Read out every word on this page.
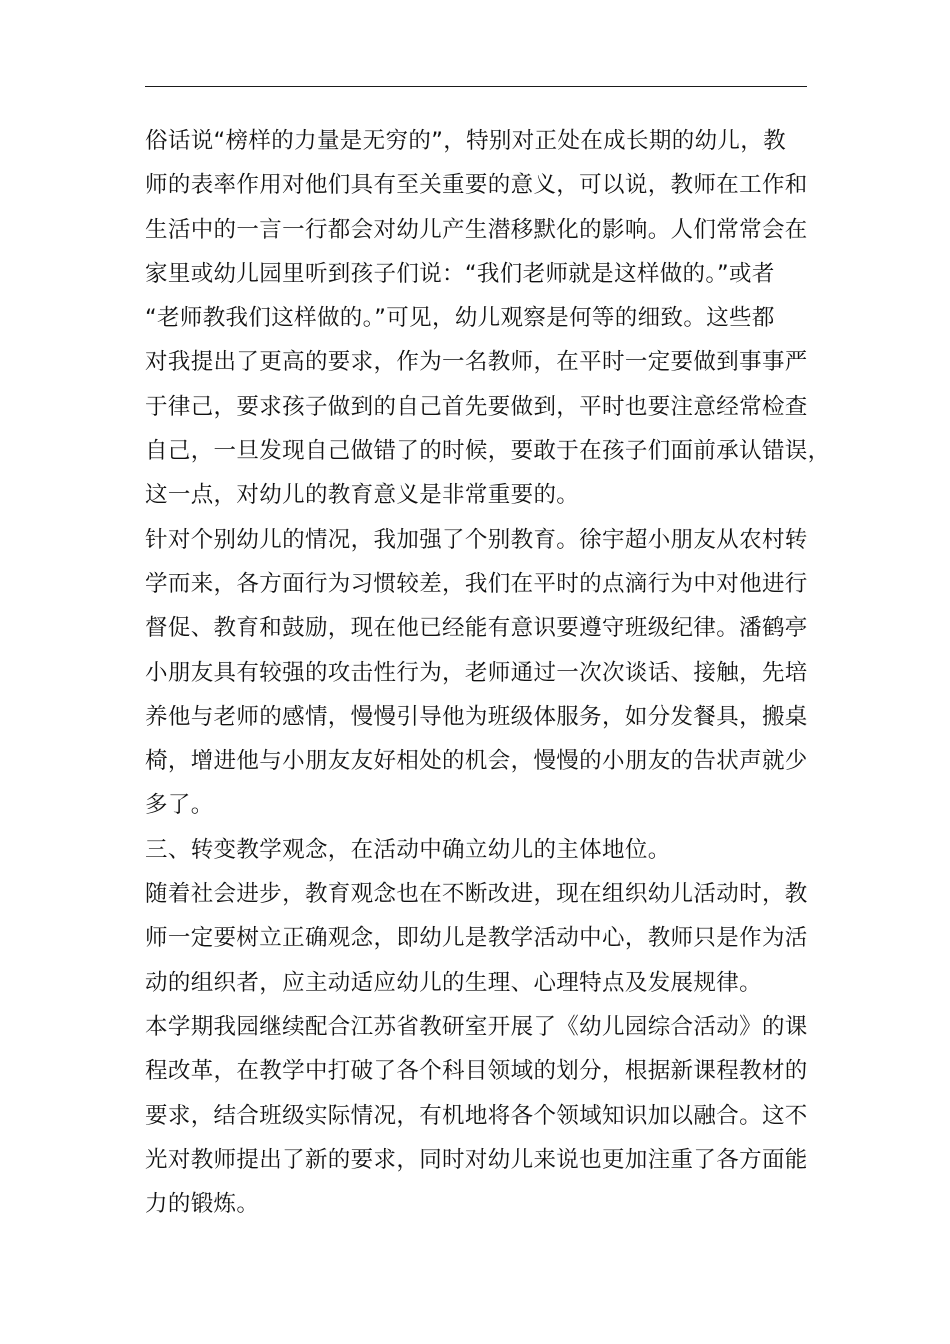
俗话说“榜样的力量是无穷的”，特别对正处在成长期的幼儿，教
师的表率作用对他们具有至关重要的意义，可以说，教师在工作和
生活中的一言一行都会对幼儿产生潜移默化的影响。人们常常会在
家里或幼儿园里听到孩子们说：“我们老师就是这样做的。”或者
“老师教我们这样做的。”可见，幼儿观察是何等的细致。这些都
对我提出了更高的要求，作为一名教师，在平时一定要做到事事严
于律己，要求孩子做到的自己首先要做到，平时也要注意经常检查
自己，一旦发现自己做错了的时候，要敢于在孩子们面前承认错误，
这一点，对幼儿的教育意义是非常重要的。

针对个别幼儿的情况，我加强了个别教育。徐宇超小朋友从农村转
学而来，各方面行为习惯较差，我们在平时的点滴行为中对他进行
督促、教育和鼓励，现在他已经能有意识要遵守班级纪律。潘鹤亭
小朋友具有较强的攻击性行为，老师通过一次次谈话、接触，先培
养他与老师的感情，慢慢引导他为班级体服务，如分发餐具，搬桌
椅，增进他与小朋友友好相处的机会，慢慢的小朋友的告状声就少
多了。

三、转变教学观念，在活动中确立幼儿的主体地位。

随着社会进步，教育观念也在不断改进，现在组织幼儿活动时，教
师一定要树立正确观念，即幼儿是教学活动中心，教师只是作为活
动的组织者，应主动适应幼儿的生理、心理特点及发展规律。

本学期我园继续配合江苏省教研室开展了《幼儿园综合活动》的课
程改革，在教学中打破了各个科目领域的划分，根据新课程教材的
要求，结合班级实际情况，有机地将各个领域知识加以融合。这不
光对教师提出了新的要求，同时对幼儿来说也更加注重了各方面能
力的锻炼。
